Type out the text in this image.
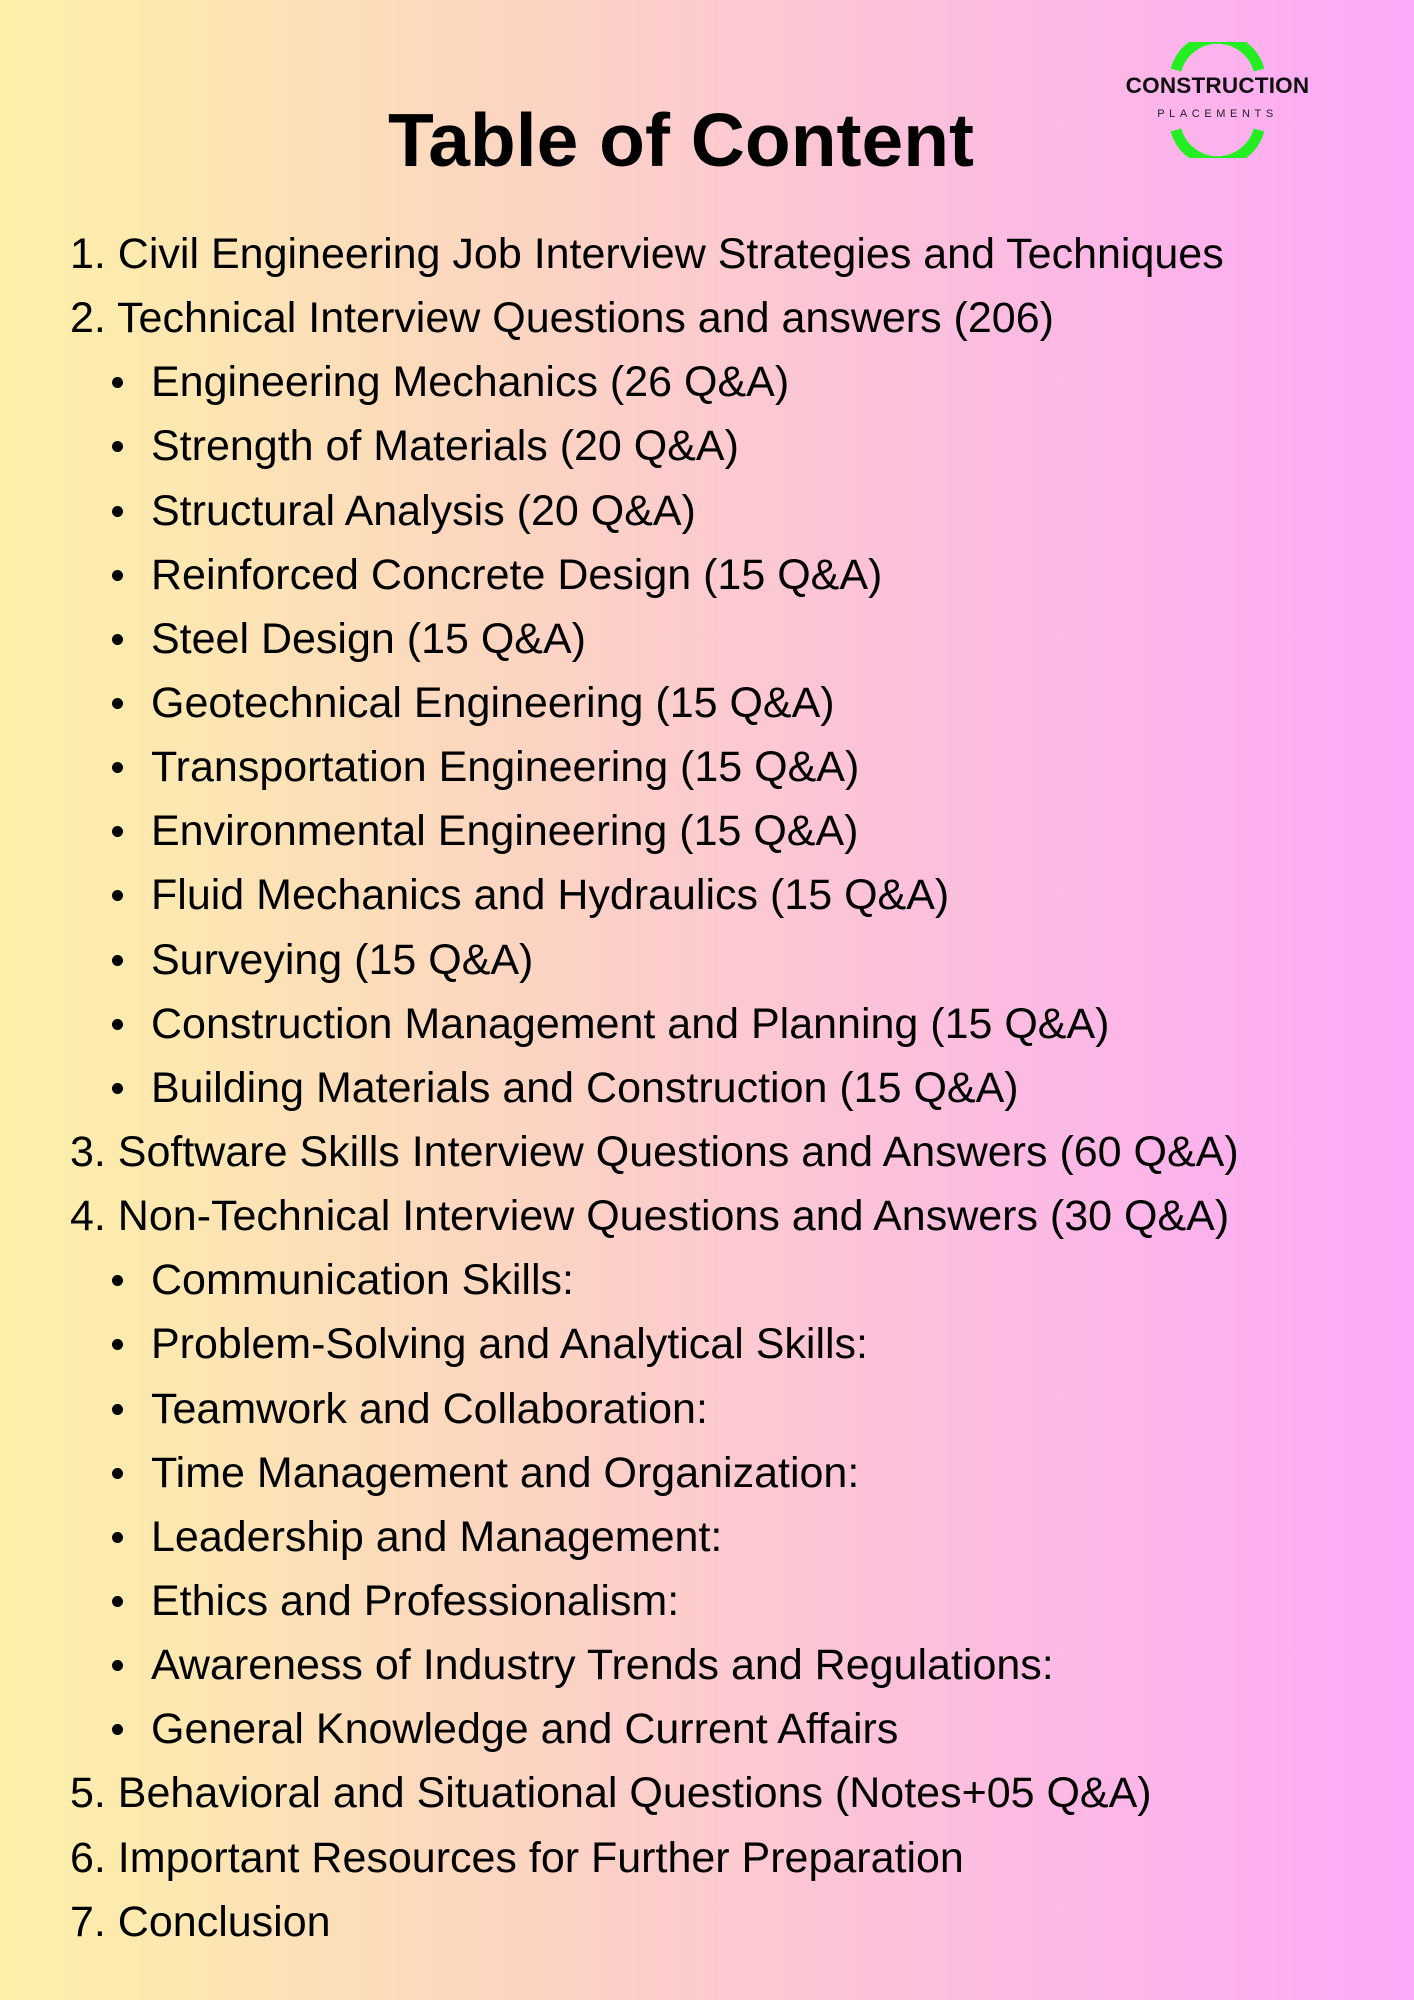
Table of Content
CONSTRUCTION
PLACEMENTS
1. Civil Engineering Job Interview Strategies and Techniques
2. Technical Interview Questions and answers (206)
Engineering Mechanics (26 Q&A)
Strength of Materials (20 Q&A)
Structural Analysis (20 Q&A)
Reinforced Concrete Design (15 Q&A)
Steel Design (15 Q&A)
Geotechnical Engineering (15 Q&A)
Transportation Engineering (15 Q&A)
Environmental Engineering (15 Q&A)
Fluid Mechanics and Hydraulics (15 Q&A)
Surveying (15 Q&A)
Construction Management and Planning (15 Q&A)
Building Materials and Construction (15 Q&A)
3. Software Skills Interview Questions and Answers (60 Q&A)
4. Non-Technical Interview Questions and Answers (30 Q&A)
Communication Skills:
Problem-Solving and Analytical Skills:
Teamwork and Collaboration:
Time Management and Organization:
Leadership and Management:
Ethics and Professionalism:
Awareness of Industry Trends and Regulations:
General Knowledge and Current Affairs
5. Behavioral and Situational Questions (Notes+05 Q&A)
6. Important Resources for Further Preparation
7. Conclusion
